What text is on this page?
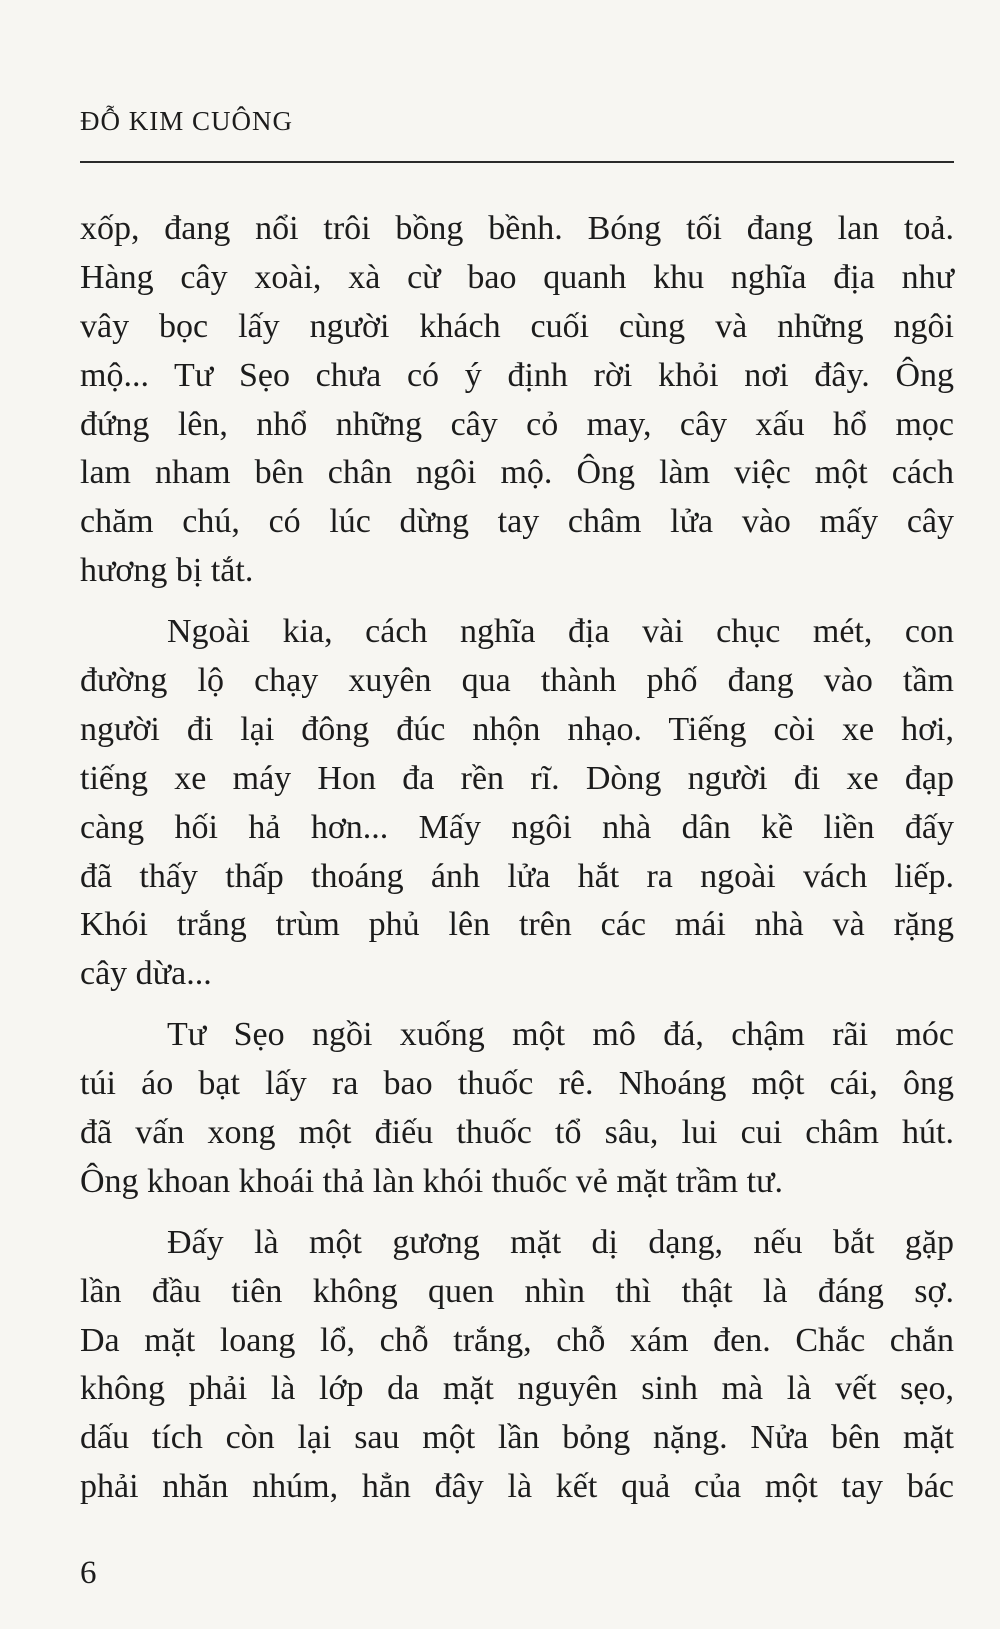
ĐỖ KIM CUÔNG
xốp, đang nổi trôi bồng bềnh. Bóng tối đang lan toả.
Hàng cây xoài, xà cừ bao quanh khu nghĩa địa như
vây bọc lấy người khách cuối cùng và những ngôi
mộ... Tư Sẹo chưa có ý định rời khỏi nơi đây. Ông
đứng lên, nhổ những cây cỏ may, cây xấu hổ mọc
lam nham bên chân ngôi mộ. Ông làm việc một cách
chăm chú, có lúc dừng tay châm lửa vào mấy cây
hương bị tắt.
Ngoài kia, cách nghĩa địa vài chục mét, con
đường lộ chạy xuyên qua thành phố đang vào tầm
người đi lại đông đúc nhộn nhạo. Tiếng còi xe hơi,
tiếng xe máy Hon đa rền rĩ. Dòng người đi xe đạp
càng hối hả hơn... Mấy ngôi nhà dân kề liền đấy
đã thấy thấp thoáng ánh lửa hắt ra ngoài vách liếp.
Khói trắng trùm phủ lên trên các mái nhà và rặng
cây dừa...
Tư Sẹo ngồi xuống một mô đá, chậm rãi móc
túi áo bạt lấy ra bao thuốc rê. Nhoáng một cái, ông
đã vấn xong một điếu thuốc tổ sâu, lui cui châm hút.
Ông khoan khoái thả làn khói thuốc vẻ mặt trầm tư.
Đấy là một gương mặt dị dạng, nếu bắt gặp
lần đầu tiên không quen nhìn thì thật là đáng sợ.
Da mặt loang lổ, chỗ trắng, chỗ xám đen. Chắc chắn
không phải là lớp da mặt nguyên sinh mà là vết sẹo,
dấu tích còn lại sau một lần bỏng nặng. Nửa bên mặt
phải nhăn nhúm, hẳn đây là kết quả của một tay bác
6
